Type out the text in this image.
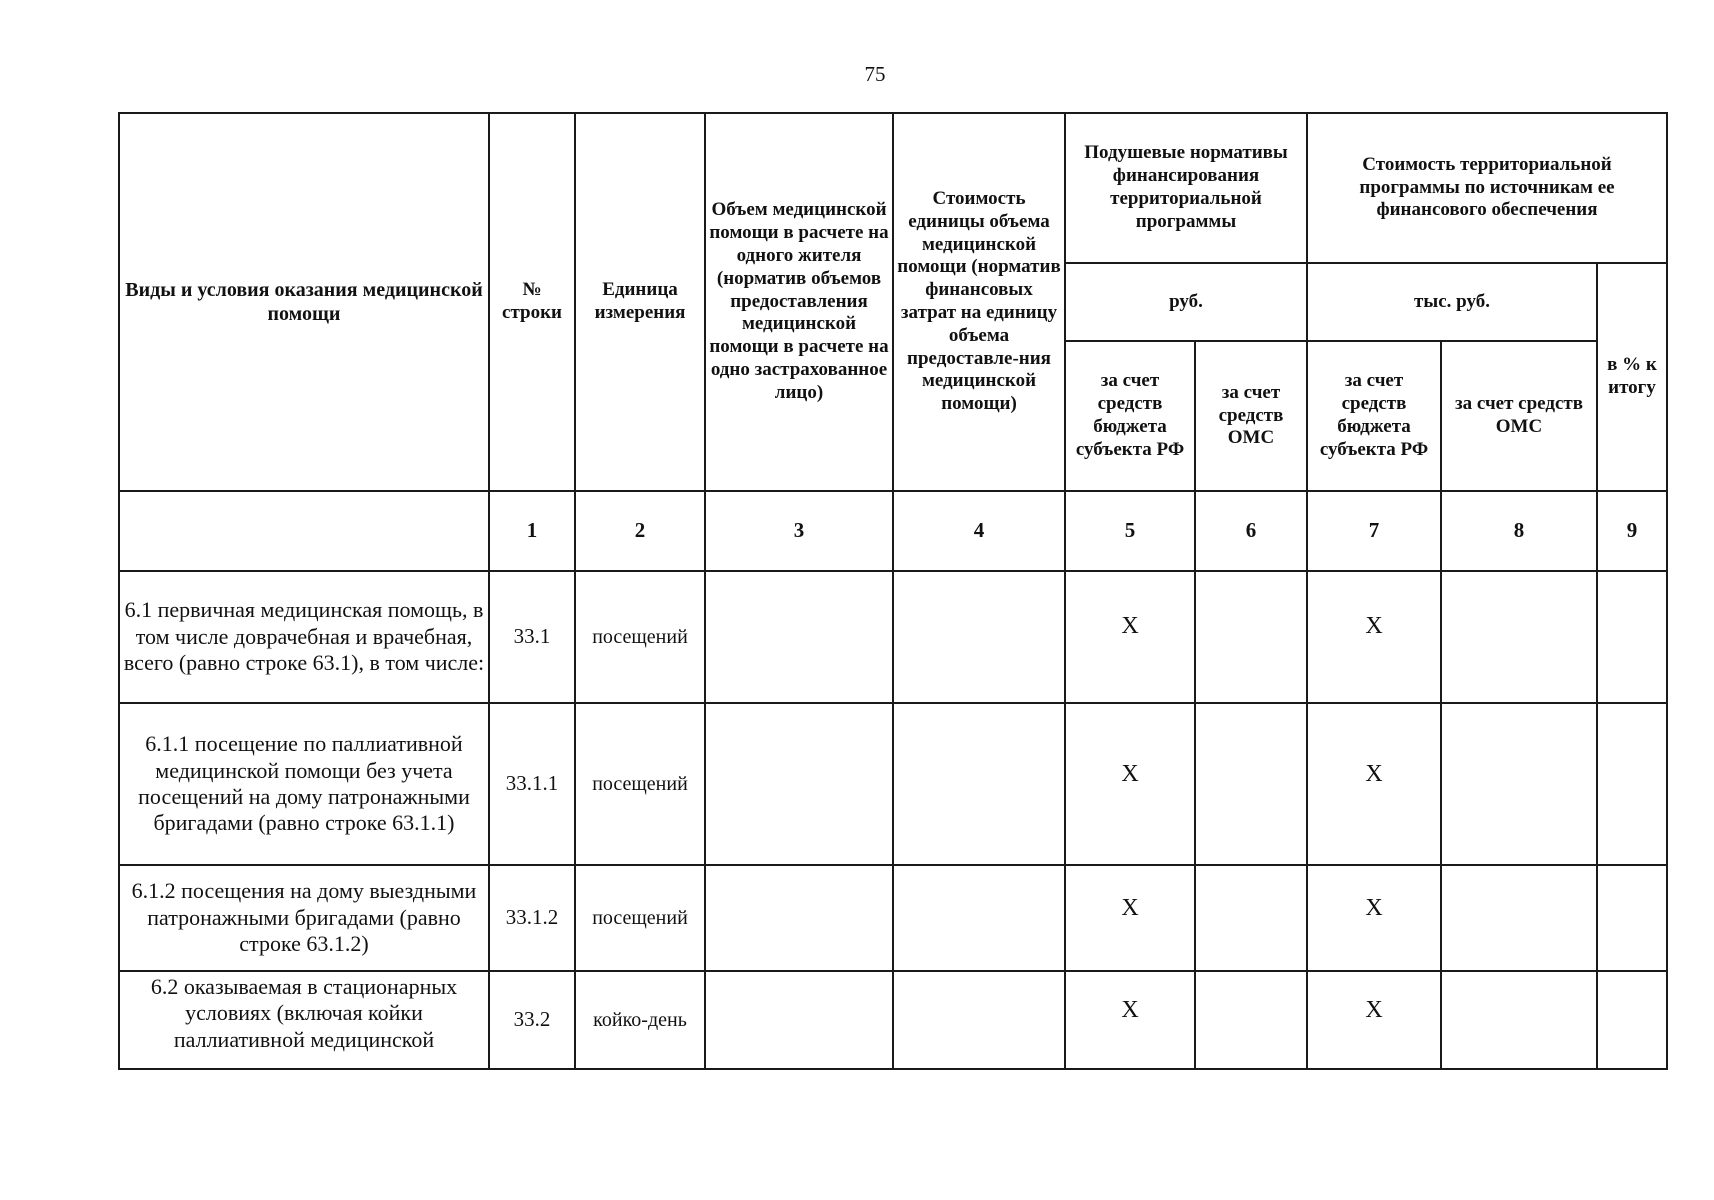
75
Виды и условия оказания медицинской помощи	№ строки	Единица измерения	Объем медицинской помощи в расчете на одного жителя (норматив объемов предоставления медицинской помощи в расчете на одно застрахованное лицо)	Стоимость единицы объема медицинской помощи (норматив финансовых затрат на единицу объема предоставле-ния медицинской помощи)	Подушевые нормативы финансирования территориальной программы		Стоимость территориальной программы по источникам ее финансового обеспечения		
					руб.		тыс. руб.		в % к итогу
					за счет средств бюджета субъекта РФ	за счет средств ОМС	за счет средств бюджета субъекта РФ	за счет средств ОМС	
	1	2	3	4	5	6	7	8	9
6.1 первичная медицинская помощь, в том числе доврачебная и врачебная, всего (равно строке 63.1), в том числе:	33.1	посещений			X		X		
6.1.1 посещение по паллиативной медицинской помощи без учета посещений на дому патронажными бригадами (равно строке 63.1.1)	33.1.1	посещений			X		X		
6.1.2 посещения на дому выездными патронажными бригадами (равно строке 63.1.2)	33.1.2	посещений			X		X		
6.2 оказываемая в стационарных условиях (включая койки паллиативной медицинской	33.2	койко-день			X		X		
